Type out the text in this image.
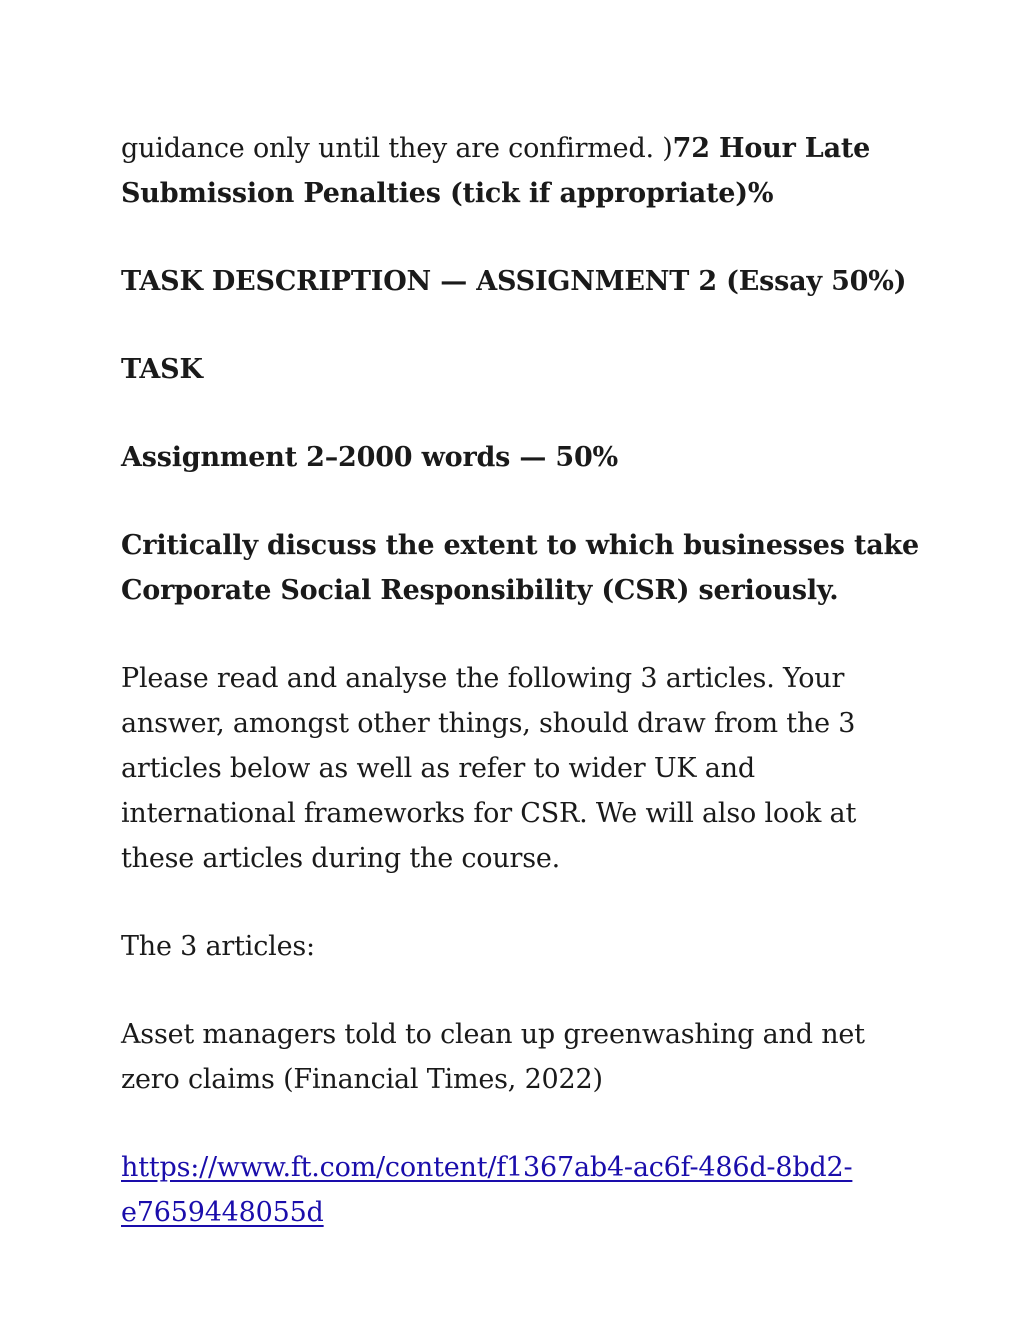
guidance only until they are confirmed. )72 Hour Late Submission Penalties (tick if appropriate)%

TASK DESCRIPTION — ASSIGNMENT 2 (Essay 50%)

TASK

Assignment 2–2000 words — 50%

Critically discuss the extent to which businesses take Corporate Social Responsibility (CSR) seriously.

Please read and analyse the following 3 articles. Your answer, amongst other things, should draw from the 3 articles below as well as refer to wider UK and international frameworks for CSR. We will also look at these articles during the course.

The 3 articles:

Asset managers told to clean up greenwashing and net zero claims (Financial Times, 2022)

https://www.ft.com/content/f1367ab4-ac6f-486d-8bd2-e7659448055d
